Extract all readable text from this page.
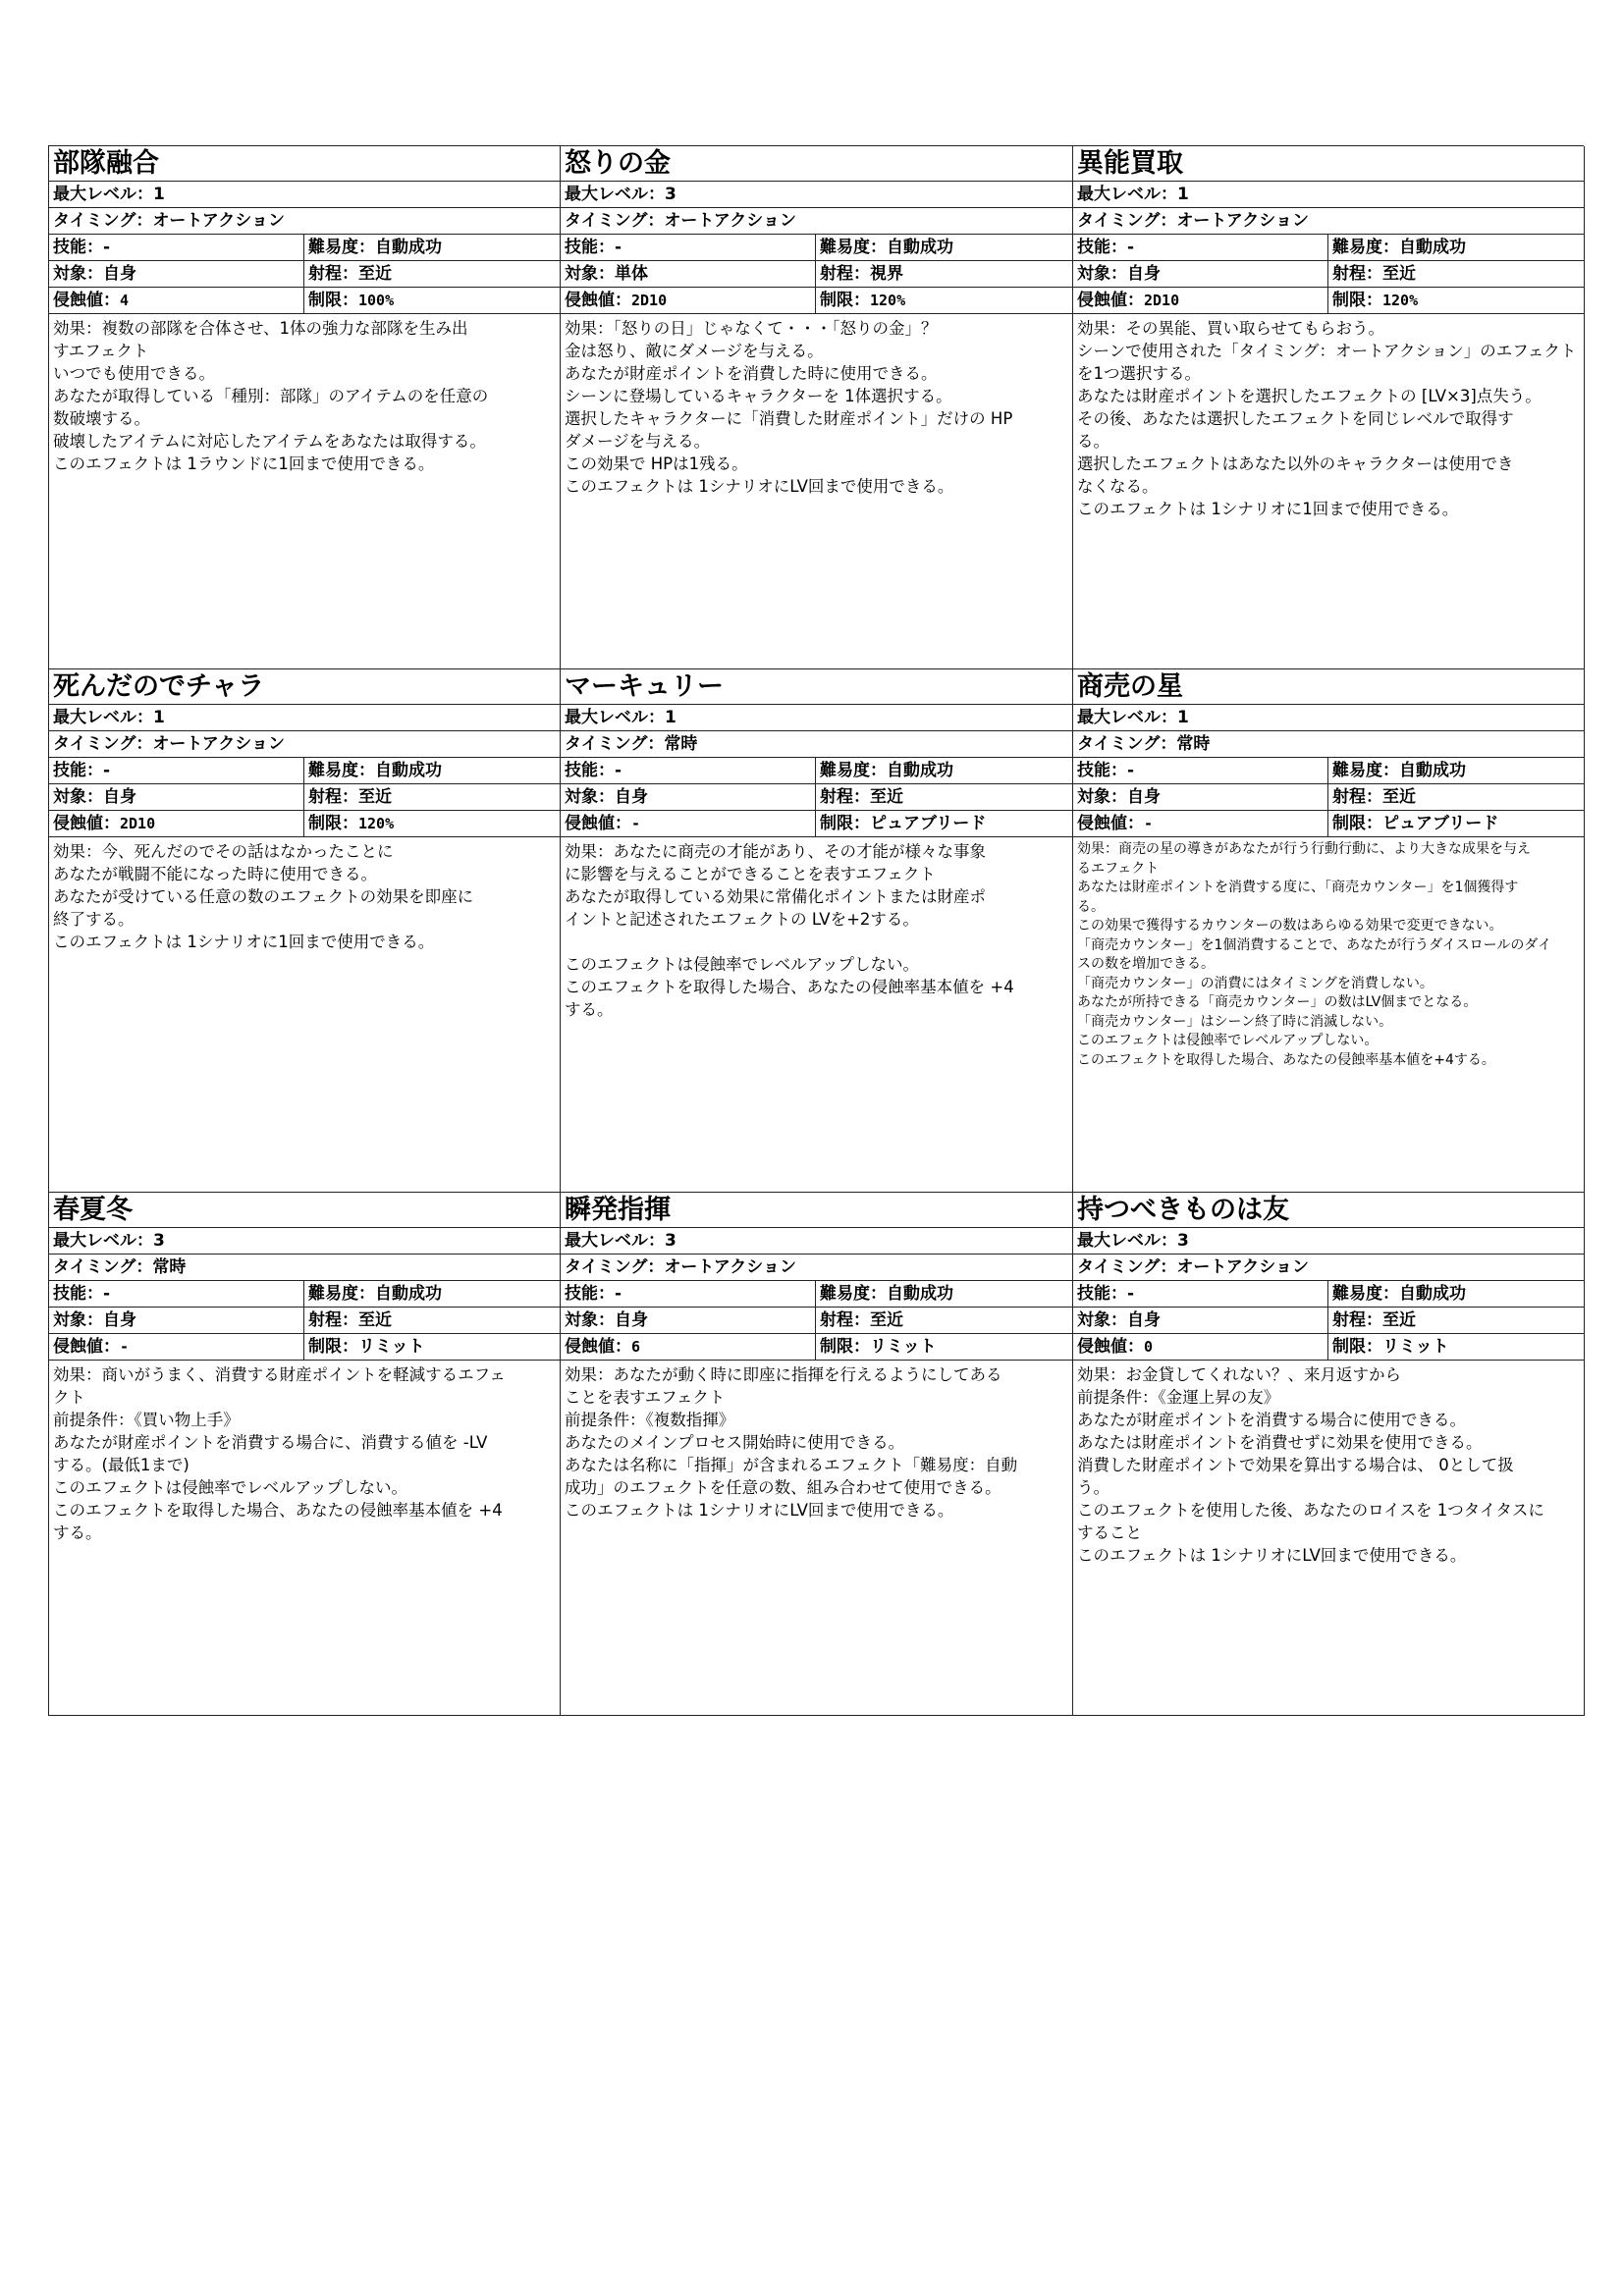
部隊融合
最大レベル：1
タイミング：オートアクション
技能：-	難易度：自動成功
対象：自身	射程：至近
侵蝕値：4	制限：100%
効果：複数の部隊を合体させ、1体の強力な部隊を生み出
すエフェクト
いつでも使用できる。
あなたが取得している「種別：部隊」のアイテムのを任意の
数破壊する。
破壊したアイテムに対応したアイテムをあなたは取得する。
このエフェクトは 1ラウンドに1回まで使用できる。
怒りの金
最大レベル：3
タイミング：オートアクション
技能：-	難易度：自動成功
対象：単体	射程：視界
侵蝕値：2D10	制限：120%
効果：「怒りの日」じゃなくて・・・「怒りの金」？
金は怒り、敵にダメージを与える。
あなたが財産ポイントを消費した時に使用できる。
シーンに登場しているキャラクターを 1体選択する。
選択したキャラクターに「消費した財産ポイント」だけの HP
ダメージを与える。
この効果で HPは1残る。
このエフェクトは 1シナリオにLV回まで使用できる。
異能買取
最大レベル：1
タイミング：オートアクション
技能：-	難易度：自動成功
対象：自身	射程：至近
侵蝕値：2D10	制限：120%
効果：その異能、買い取らせてもらおう。
シーンで使用された「タイミング：オートアクション」のエフェクト
を1つ選択する。
あなたは財産ポイントを選択したエフェクトの [LV×3]点失う。
その後、あなたは選択したエフェクトを同じレベルで取得す
る。
選択したエフェクトはあなた以外のキャラクターは使用でき
なくなる。
このエフェクトは 1シナリオに1回まで使用できる。
死んだのでチャラ
最大レベル：1
タイミング：オートアクション
技能：-	難易度：自動成功
対象：自身	射程：至近
侵蝕値：2D10	制限：120%
効果：今、死んだのでその話はなかったことに
あなたが戦闘不能になった時に使用できる。
あなたが受けている任意の数のエフェクトの効果を即座に
終了する。
このエフェクトは 1シナリオに1回まで使用できる。
マーキュリー
最大レベル：1
タイミング：常時
技能：-	難易度：自動成功
対象：自身	射程：至近
侵蝕値：-	制限：ピュアブリード
効果：あなたに商売の才能があり、その才能が様々な事象
に影響を与えることができることを表すエフェクト
あなたが取得している効果に常備化ポイントまたは財産ポ
イントと記述されたエフェクトの LVを+2する。

このエフェクトは侵蝕率でレベルアップしない。
このエフェクトを取得した場合、あなたの侵蝕率基本値を +4
する。
商売の星
最大レベル：1
タイミング：常時
技能：-	難易度：自動成功
対象：自身	射程：至近
侵蝕値：-	制限：ピュアブリード
効果：商売の星の導きがあなたが行う行動行動に、より大きな成果を与え
るエフェクト
あなたは財産ポイントを消費する度に、「商売カウンター」を1個獲得す
る。
この効果で獲得するカウンターの数はあらゆる効果で変更できない。
「商売カウンター」を1個消費することで、あなたが行うダイスロールのダイ
スの数を増加できる。
「商売カウンター」の消費にはタイミングを消費しない。
あなたが所持できる「商売カウンター」の数はLV個までとなる。
「商売カウンター」はシーン終了時に消滅しない。
このエフェクトは侵蝕率でレベルアップしない。
このエフェクトを取得した場合、あなたの侵蝕率基本値を+4する。
春夏冬
最大レベル：3
タイミング：常時
技能：-	難易度：自動成功
対象：自身	射程：至近
侵蝕値：-	制限：リミット
効果：商いがうまく、消費する財産ポイントを軽減するエフェ
クト
前提条件：《買い物上手》
あなたが財産ポイントを消費する場合に、消費する値を -LV
する。(最低1まで)
このエフェクトは侵蝕率でレベルアップしない。
このエフェクトを取得した場合、あなたの侵蝕率基本値を +4
する。
瞬発指揮
最大レベル：3
タイミング：オートアクション
技能：-	難易度：自動成功
対象：自身	射程：至近
侵蝕値：6	制限：リミット
効果：あなたが動く時に即座に指揮を行えるようにしてある
ことを表すエフェクト
前提条件：《複数指揮》
あなたのメインプロセス開始時に使用できる。
あなたは名称に「指揮」が含まれるエフェクト「難易度：自動
成功」のエフェクトを任意の数、組み合わせて使用できる。
このエフェクトは 1シナリオにLV回まで使用できる。
持つべきものは友
最大レベル：3
タイミング：オートアクション
技能：-	難易度：自動成功
対象：自身	射程：至近
侵蝕値：0	制限：リミット
効果：お金貸してくれない？、来月返すから
前提条件：《金運上昇の友》
あなたが財産ポイントを消費する場合に使用できる。
あなたは財産ポイントを消費せずに効果を使用できる。
消費した財産ポイントで効果を算出する場合は、 0として扱
う。
このエフェクトを使用した後、あなたのロイスを 1つタイタスに
すること
このエフェクトは 1シナリオにLV回まで使用できる。
